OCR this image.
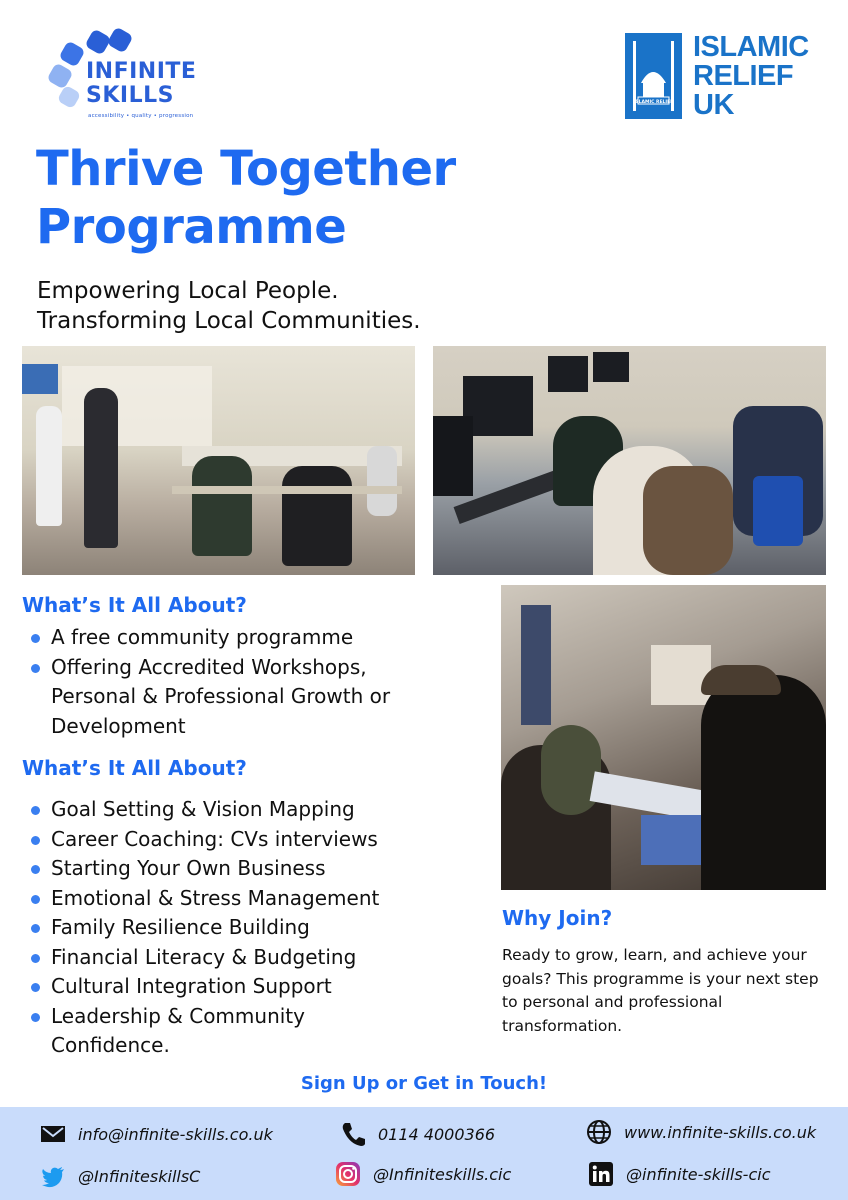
INFINITE
SKILLS
accessibility • quality • progression
ISLAMIC RELIEF
ISLAMIC
RELIEF
UK
Thrive Together
Programme
Empowering Local People.
Transforming Local Communities.
What’s It All About?
A free community programme
Offering Accredited Workshops, Personal & Professional Growth or Development
What’s It All About?
Goal Setting & Vision Mapping
Career Coaching: CVs interviews
Starting Your Own Business
Emotional & Stress Management
Family Resilience Building
Financial Literacy & Budgeting
Cultural Integration Support
Leadership & Community Confidence.
Why Join?
Ready to grow, learn, and achieve your goals? This programme is your next step to personal and professional transformation.
Sign Up or Get in Touch!
info@infinite-skills.co.uk	0114 4000366	www.infinite-skills.co.uk
@InfiniteskillsC	@Infiniteskills.cic	@infinite-skills-cic
